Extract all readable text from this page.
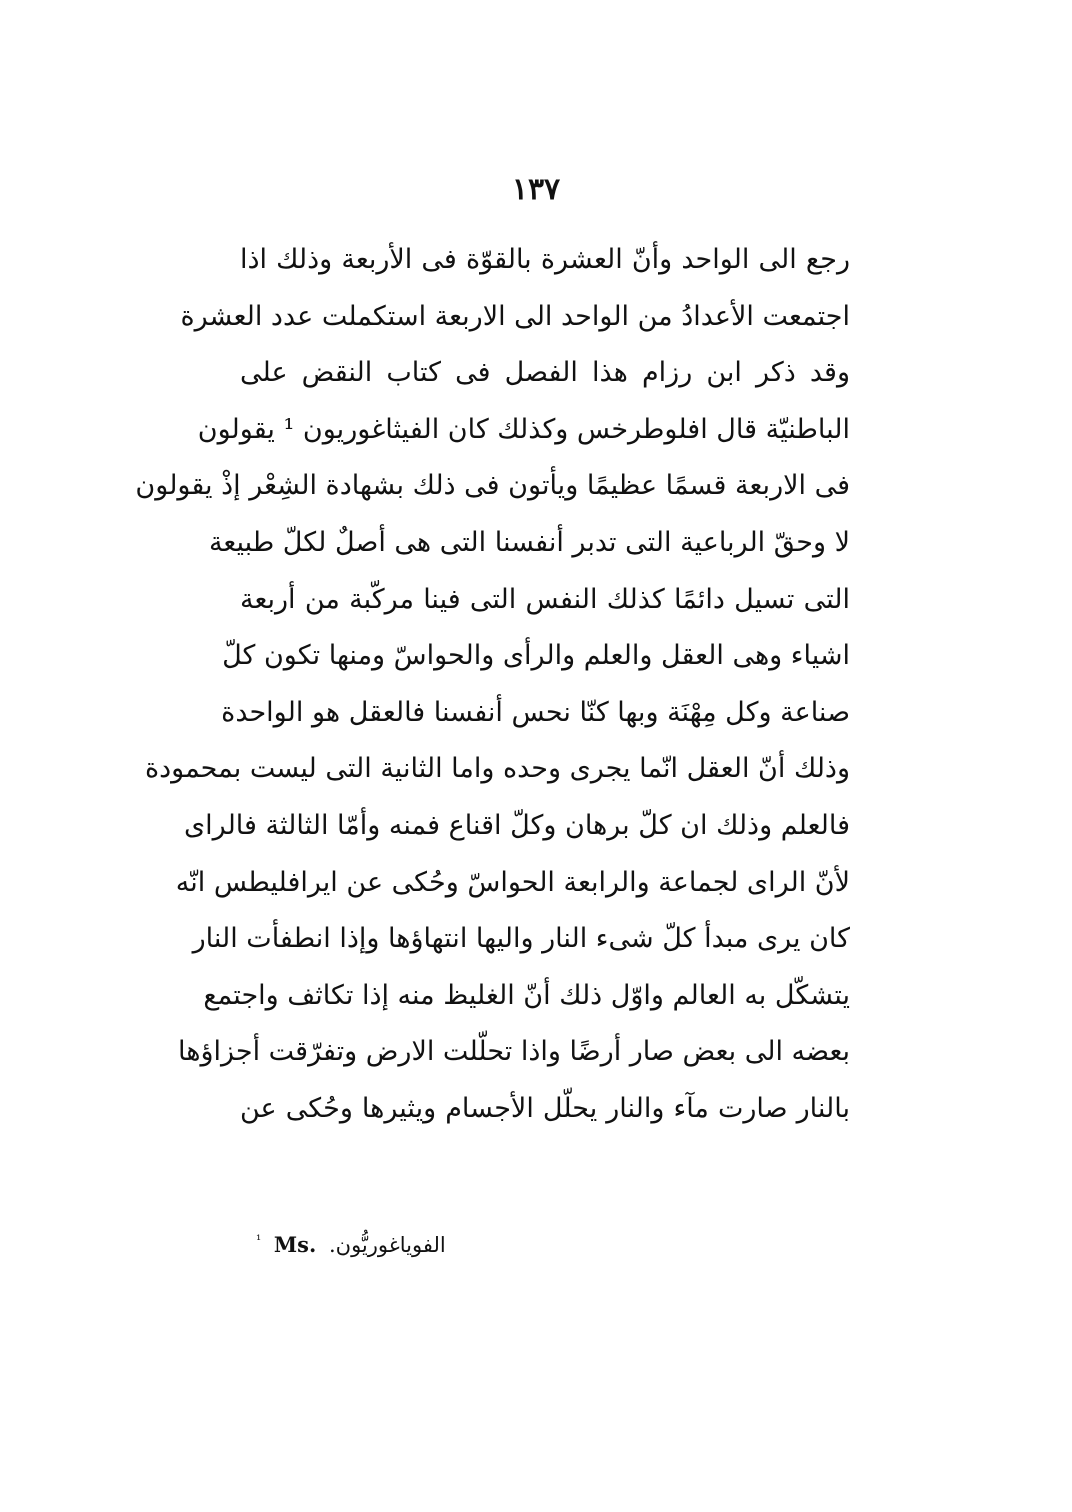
١٣٧
رجع الى الواحد وأنّ العشرة بالقوّة فى الأربعة وذلك اذا
اجتمعت الأعدادُ من الواحد الى الاربعة استكملت عدد العشرة
وقد ذكر ابن رزام هذا الفصل فى كتاب النقض على
الباطنيّة قال افلوطرخس وكذلك كان الفيثاغوريون ¹ يقولون
فى الاربعة قسمًا عظيمًا ويأتون فى ذلك بشهادة الشِعْر إذْ يقولون
لا وحقّ الرباعية التى تدبر أنفسنا التى هى أصلٌ لكلّ طبيعة
التى تسيل دائمًا كذلك النفس التى فينا مركّبة من أربعة
اشياء وهى العقل والعلم والرأى والحواسّ ومنها تكون كلّ
صناعة وكل مِهْنَة وبها كنّا نحس أنفسنا فالعقل هو الواحدة
وذلك أنّ العقل انّما يجرى وحده واما الثانية التى ليست بمحمودة
فالعلم وذلك ان كلّ برهان وكلّ اقناع فمنه وأمّا الثالثة فالراى
لأنّ الراى لجماعة والرابعة الحواسّ وحُكى عن ايرافليطس انّه
كان يرى مبدأ كلّ شىء النار واليها انتهاؤها وإذا انطفأت النار
يتشكّل به العالم واوّل ذلك أنّ الغليظ منه إذا تكاثف واجتمع
بعضه الى بعض صار أرضًا واذا تحلّلت الارض وتفرّقت أجزاؤها
بالنار صارت مآء والنار يحلّل الأجسام ويثيرها وحُكى عن
الفوياغوريُّون. Ms. $^{^1}$
